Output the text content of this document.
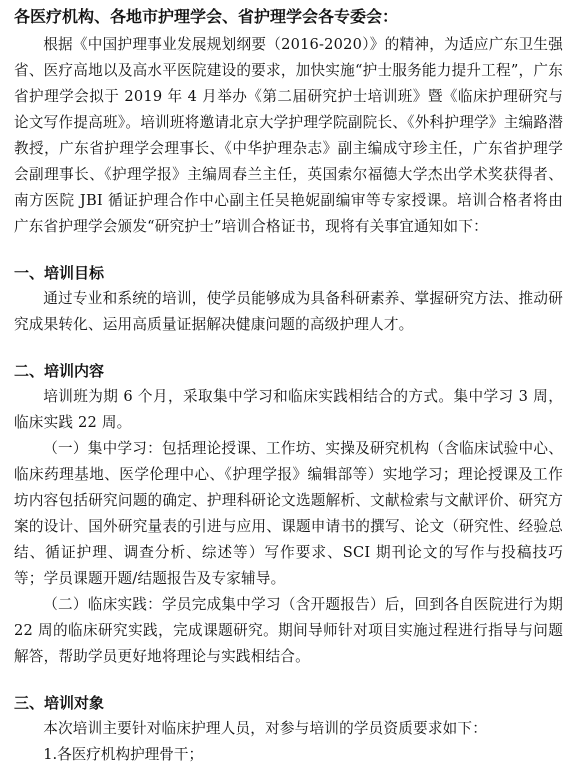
各医疗机构、各地市护理学会、省护理学会各专委会：

根据《中国护理事业发展规划纲要（2016-2020）》的精神，为适应广东卫生强省、医疗高地以及高水平医院建设的要求，加快实施“护士服务能力提升工程”，广东省护理学会拟于 2019 年 4 月举办《第二届研究护士培训班》暨《临床护理研究与论文写作提高班》。培训班将邀请北京大学护理学院副院长、《外科护理学》主编路潜教授，广东省护理学会理事长、《中华护理杂志》副主编成守珍主任，广东省护理学会副理事长、《护理学报》主编周春兰主任，英国索尔福德大学杰出学术奖获得者、南方医院 JBI 循证护理合作中心副主任吴艳妮副编审等专家授课。培训合格者将由广东省护理学会颁发“研究护士”培训合格证书，现将有关事宜通知如下：

一、培训目标

通过专业和系统的培训，使学员能够成为具备科研素养、掌握研究方法、推动研究成果转化、运用高质量证据解决健康问题的高级护理人才。

二、培训内容

培训班为期 6 个月，采取集中学习和临床实践相结合的方式。集中学习 3 周，临床实践 22 周。

（一）集中学习：包括理论授课、工作坊、实操及研究机构（含临床试验中心、临床药理基地、医学伦理中心、《护理学报》编辑部等）实地学习；理论授课及工作坊内容包括研究问题的确定、护理科研论文选题解析、文献检索与文献评价、研究方案的设计、国外研究量表的引进与应用、课题申请书的撰写、论文（研究性、经验总结、循证护理、调查分析、综述等）写作要求、SCI 期刊论文的写作与投稿技巧等；学员课题开题/结题报告及专家辅导。

（二）临床实践：学员完成集中学习（含开题报告）后，回到各自医院进行为期 22 周的临床研究实践，完成课题研究。期间导师针对项目实施过程进行指导与问题解答，帮助学员更好地将理论与实践相结合。

三、培训对象

本次培训主要针对临床护理人员，对参与培训的学员资质要求如下：

1.各医疗机构护理骨干；
